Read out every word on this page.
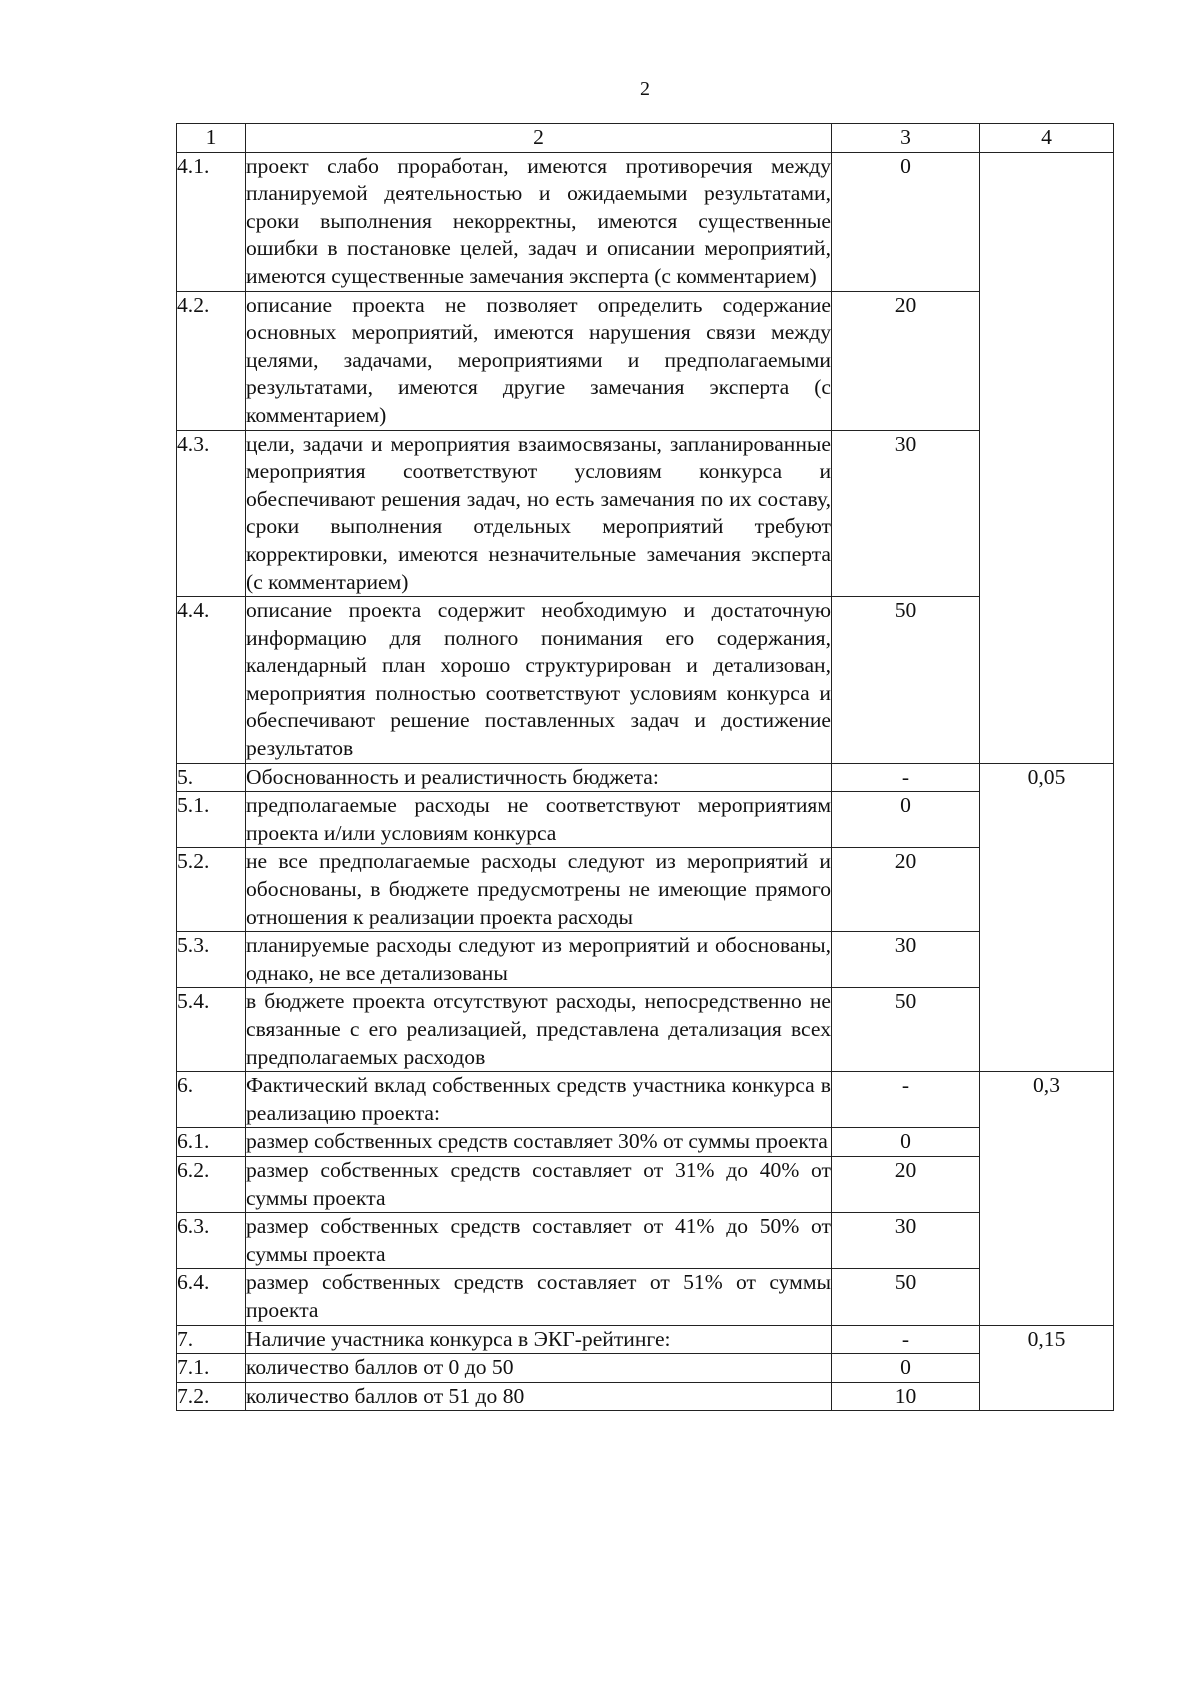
2
1	2	3	4
4.1.	проект слабо проработан, имеются противоречия между планируемой деятельностью и ожидаемыми результатами, сроки выполнения некорректны, имеются существенные ошибки в постановке целей, задач и описании мероприятий, имеются существенные замечания эксперта (с комментарием)	0	
4.2.	описание проекта не позволяет определить содержание основных мероприятий, имеются нарушения связи между целями, задачами, мероприятиями и предполагаемыми результатами, имеются другие замечания эксперта (с комментарием)	20	
4.3.	цели, задачи и мероприятия взаимосвязаны, запланированные мероприятия соответствуют условиям конкурса и обеспечивают решения задач, но есть замечания по их составу, сроки выполнения отдельных мероприятий требуют корректировки, имеются незначительные замечания эксперта (с комментарием)	30	
4.4.	описание проекта содержит необходимую и достаточную информацию для полного понимания его содержания, календарный план хорошо структурирован и детализован, мероприятия полностью соответствуют условиям конкурса и обеспечивают решение поставленных задач и достижение результатов	50	
5.	Обоснованность и реалистичность бюджета:	-	0,05
5.1.	предполагаемые расходы не соответствуют мероприятиям проекта и/или условиям конкурса	0	
5.2.	не все предполагаемые расходы следуют из мероприятий и обоснованы, в бюджете предусмотрены не имеющие прямого отношения к реализации проекта расходы	20	
5.3.	планируемые расходы следуют из мероприятий и обоснованы, однако, не все детализованы	30	
5.4.	в бюджете проекта отсутствуют расходы, непосредственно не связанные с его реализацией, представлена детализация всех предполагаемых расходов	50	
6.	Фактический вклад собственных средств участника конкурса в реализацию проекта:	-	0,3
6.1.	размер собственных средств составляет 30% от суммы проекта	0	
6.2.	размер собственных средств составляет от 31% до 40% от суммы проекта	20	
6.3.	размер собственных средств составляет от 41% до 50% от суммы проекта	30	
6.4.	размер собственных средств составляет от 51% от суммы проекта	50	
7.	Наличие участника конкурса в ЭКГ-рейтинге:	-	0,15
7.1.	количество баллов от 0 до 50	0	
7.2.	количество баллов от 51 до 80	10	
